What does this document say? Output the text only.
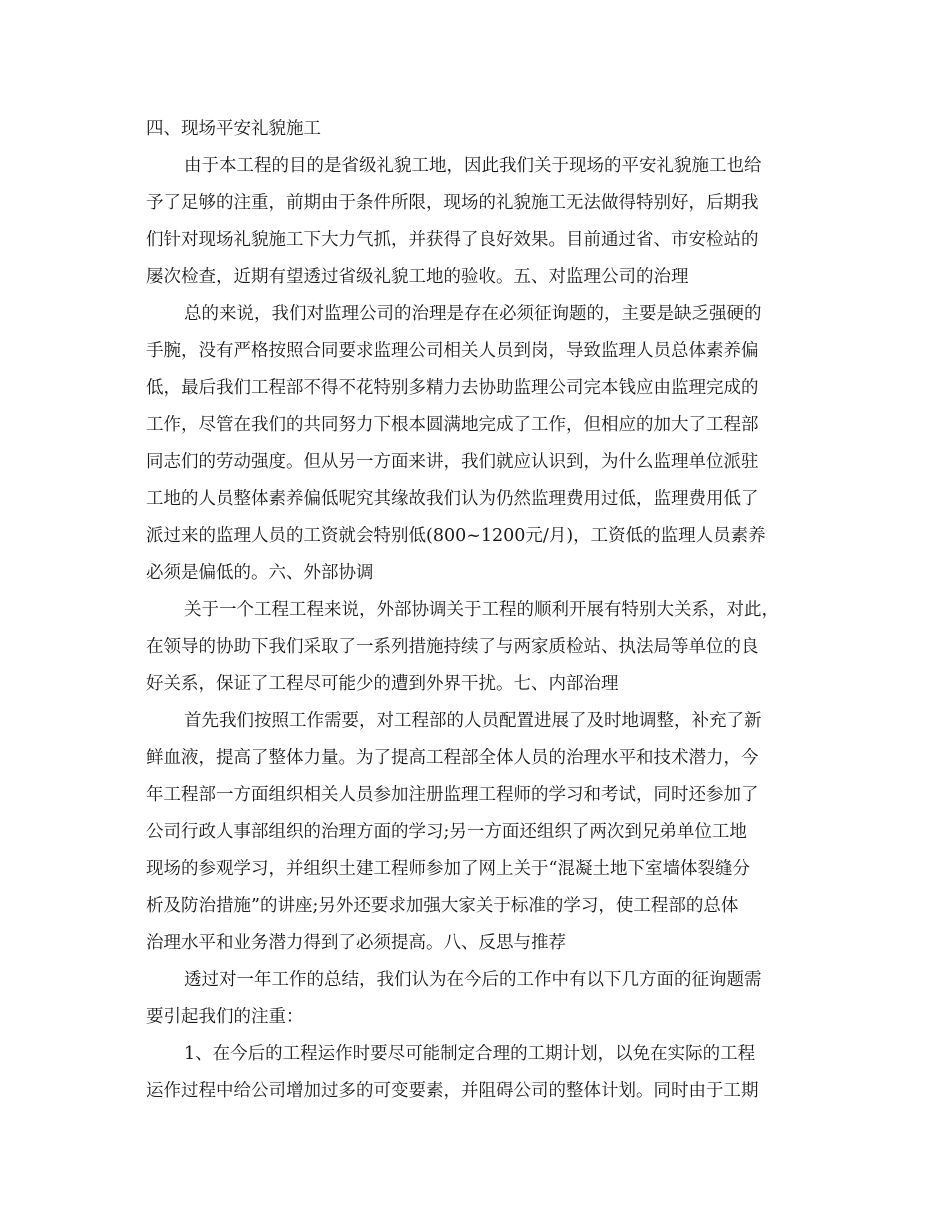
四、现场平安礼貌施工
由于本工程的目的是省级礼貌工地，因此我们关于现场的平安礼貌施工也给
予了足够的注重，前期由于条件所限，现场的礼貌施工无法做得特别好，后期我
们针对现场礼貌施工下大力气抓，并获得了良好效果。目前通过省、市安检站的
屡次检查，近期有望透过省级礼貌工地的验收。五、对监理公司的治理
总的来说，我们对监理公司的治理是存在必须征询题的，主要是缺乏强硬的
手腕，没有严格按照合同要求监理公司相关人员到岗，导致监理人员总体素养偏
低，最后我们工程部不得不花特别多精力去协助监理公司完本钱应由监理完成的
工作，尽管在我们的共同努力下根本圆满地完成了工作，但相应的加大了工程部
同志们的劳动强度。但从另一方面来讲，我们就应认识到，为什么监理单位派驻
工地的人员整体素养偏低呢究其缘故我们认为仍然监理费用过低，监理费用低了
派过来的监理人员的工资就会特别低(800~1200元/月)，工资低的监理人员素养
必须是偏低的。六、外部协调
关于一个工程工程来说，外部协调关于工程的顺利开展有特别大关系，对此，
在领导的协助下我们采取了一系列措施持续了与两家质检站、执法局等单位的良
好关系，保证了工程尽可能少的遭到外界干扰。七、内部治理
首先我们按照工作需要，对工程部的人员配置进展了及时地调整，补充了新
鲜血液，提高了整体力量。为了提高工程部全体人员的治理水平和技术潜力，今
年工程部一方面组织相关人员参加注册监理工程师的学习和考试，同时还参加了
公司行政人事部组织的治理方面的学习;另一方面还组织了两次到兄弟单位工地
现场的参观学习，并组织土建工程师参加了网上关于“混凝土地下室墙体裂缝分
析及防治措施”的讲座;另外还要求加强大家关于标准的学习，使工程部的总体
治理水平和业务潜力得到了必须提高。八、反思与推荐
透过对一年工作的总结，我们认为在今后的工作中有以下几方面的征询题需
要引起我们的注重：
1、在今后的工程运作时要尽可能制定合理的工期计划，以免在实际的工程
运作过程中给公司增加过多的可变要素，并阻碍公司的整体计划。同时由于工期
